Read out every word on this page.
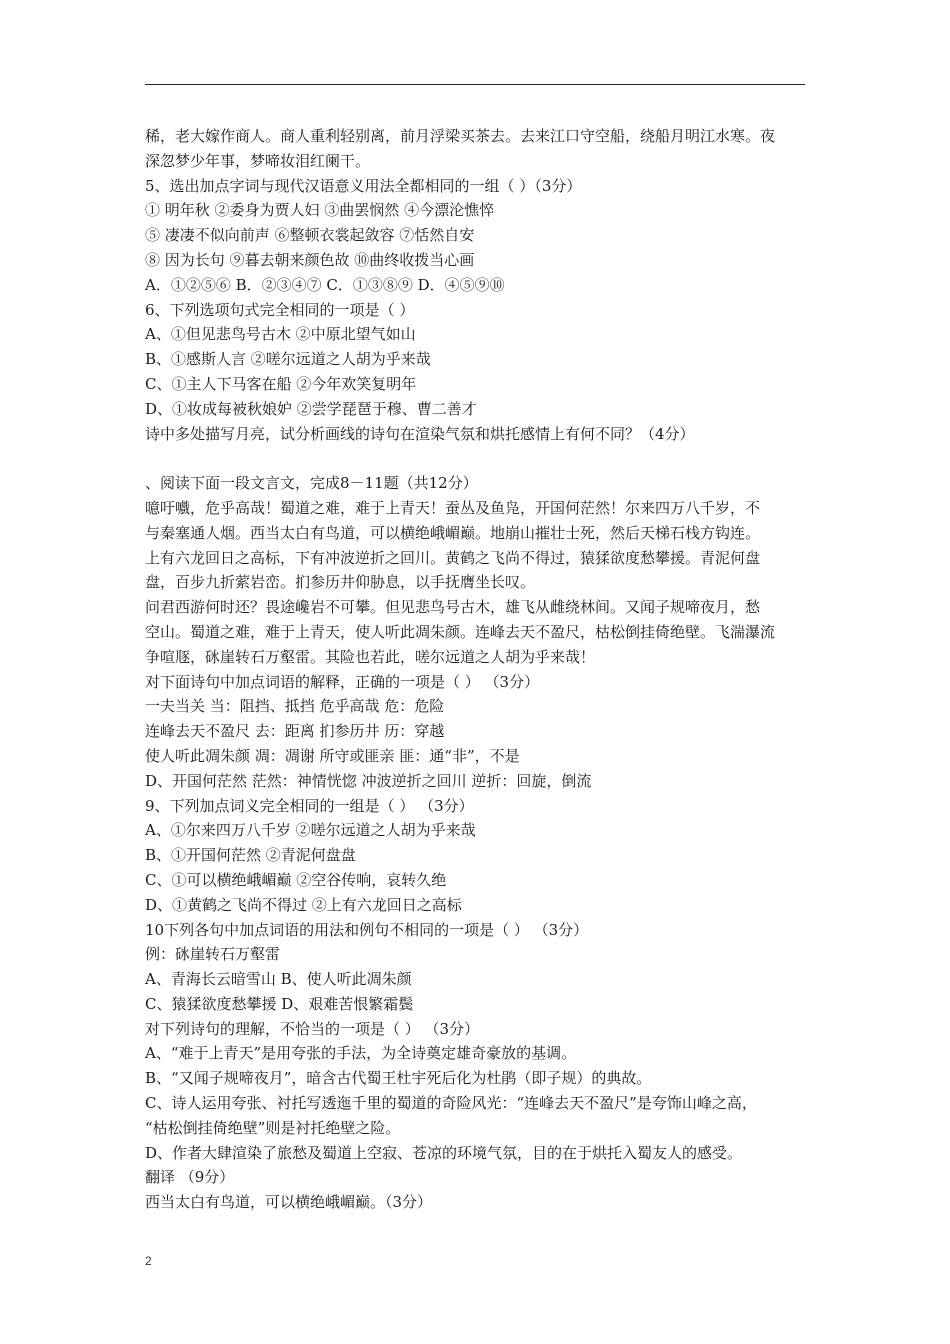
稀，老大嫁作商人。商人重利轻别离，前月浮梁买茶去。去来江口守空船，绕船月明江水寒。夜
深忽梦少年事，梦啼妆泪红阑干。
5、选出加点字词与现代汉语意义用法全都相同的一组（ ）（3分）
① 明年秋 ②委身为贾人妇 ③曲罢悯然 ④今漂沦憔悴
⑤ 凄凄不似向前声 ⑥整顿衣裳起敛容 ⑦恬然自安
⑧ 因为长句 ⑨暮去朝来颜色故 ⑩曲终收拨当心画
A．①②⑤⑥ B．②③④⑦ C．①③⑧⑨ D．④⑤⑨⑩
6、下列选项句式完全相同的一项是（ ）
A、①但见悲鸟号古木 ②中原北望气如山
B、①感斯人言 ②嗟尔远道之人胡为乎来哉
C、①主人下马客在船 ②今年欢笑复明年
D、①妆成每被秋娘妒 ②尝学琵琶于穆、曹二善才
诗中多处描写月亮，试分析画线的诗句在渲染气氛和烘托感情上有何不同？（4分）
、阅读下面一段文言文，完成8－11题（共12分）
噫吁嚱，危乎高哉！蜀道之难，难于上青天！蚕丛及鱼凫，开国何茫然！尔来四万八千岁，不
与秦塞通人烟。西当太白有鸟道，可以横绝峨嵋巅。地崩山摧壮士死，然后天梯石栈方钩连。
上有六龙回日之高标，下有冲波逆折之回川。黄鹤之飞尚不得过，猿猱欲度愁攀援。青泥何盘
盘，百步九折萦岩峦。扪参历井仰胁息，以手抚膺坐长叹。
问君西游何时还？畏途巉岩不可攀。但见悲鸟号古木，雄飞从雌绕林间。又闻子规啼夜月，愁
空山。蜀道之难，难于上青天，使人听此凋朱颜。连峰去天不盈尺，枯松倒挂倚绝壁。飞湍瀑流
争喧豗，砯崖转石万壑雷。其险也若此，嗟尔远道之人胡为乎来哉！
对下面诗句中加点词语的解释，正确的一项是（ ） （3分）
一夫当关 当：阻挡、抵挡 危乎高哉 危：危险
连峰去天不盈尺 去：距离 扪参历井 历：穿越
使人听此凋朱颜 凋：凋谢 所守或匪亲 匪：通“非”，不是
D、开国何茫然 茫然：神情恍惚 冲波逆折之回川 逆折：回旋，倒流
9、下列加点词义完全相同的一组是（ ） （3分）
A、①尔来四万八千岁 ②嗟尔远道之人胡为乎来哉
B、①开国何茫然 ②青泥何盘盘
C、①可以横绝峨嵋巅 ②空谷传响，哀转久绝
D、①黄鹤之飞尚不得过 ②上有六龙回日之高标
10下列各句中加点词语的用法和例句不相同的一项是（ ） （3分）
例：砯崖转石万壑雷
A、青海长云暗雪山 B、使人听此凋朱颜
C、猿猱欲度愁攀援 D、艰难苦恨繁霜鬓
对下列诗句的理解，不恰当的一项是（ ） （3分）
A、“难于上青天”是用夸张的手法，为全诗奠定雄奇豪放的基调。
B、“又闻子规啼夜月”，暗含古代蜀王杜宇死后化为杜鹃（即子规）的典故。
C、诗人运用夸张、衬托写透迤千里的蜀道的奇险风光：“连峰去天不盈尺”是夸饰山峰之高，
“枯松倒挂倚绝壁”则是衬托绝壁之险。
D、作者大肆渲染了旅愁及蜀道上空寂、苍凉的环境气氛，目的在于烘托入蜀友人的感受。
翻译 （9分）
西当太白有鸟道，可以横绝峨嵋巅。（3分）
2
